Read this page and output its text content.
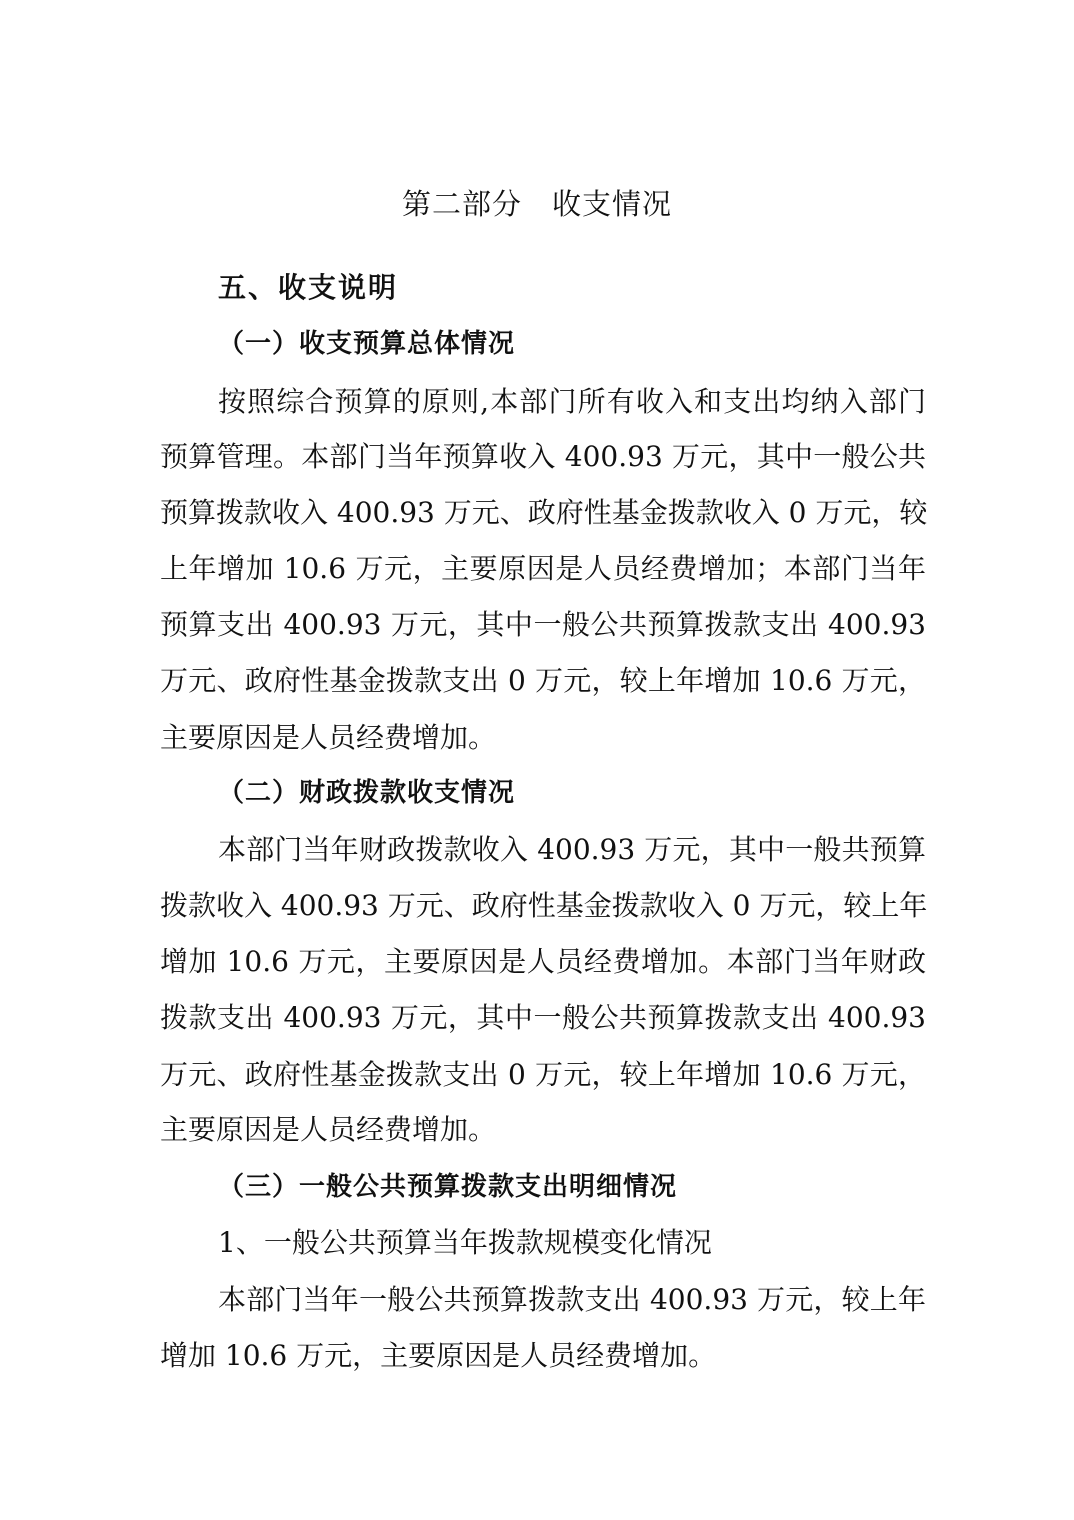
第二部分　收支情况
五、收支说明
（一）收支预算总体情况
按照综合预算的原则,本部门所有收入和支出均纳入部门
预算管理。本部门当年预算收入 400.93 万元，其中一般公共
预算拨款收入 400.93 万元、政府性基金拨款收入 0 万元，较
上年增加 10.6 万元，主要原因是人员经费增加；本部门当年
预算支出 400.93 万元，其中一般公共预算拨款支出 400.93
万元、政府性基金拨款支出 0 万元，较上年增加 10.6 万元，
主要原因是人员经费增加。
（二）财政拨款收支情况
本部门当年财政拨款收入 400.93 万元，其中一般共预算
拨款收入 400.93 万元、政府性基金拨款收入 0 万元，较上年
增加 10.6 万元，主要原因是人员经费增加。本部门当年财政
拨款支出 400.93 万元，其中一般公共预算拨款支出 400.93
万元、政府性基金拨款支出 0 万元，较上年增加 10.6 万元，
主要原因是人员经费增加。
（三）一般公共预算拨款支出明细情况
1、一般公共预算当年拨款规模变化情况
本部门当年一般公共预算拨款支出 400.93 万元，较上年
增加 10.6 万元，主要原因是人员经费增加。
